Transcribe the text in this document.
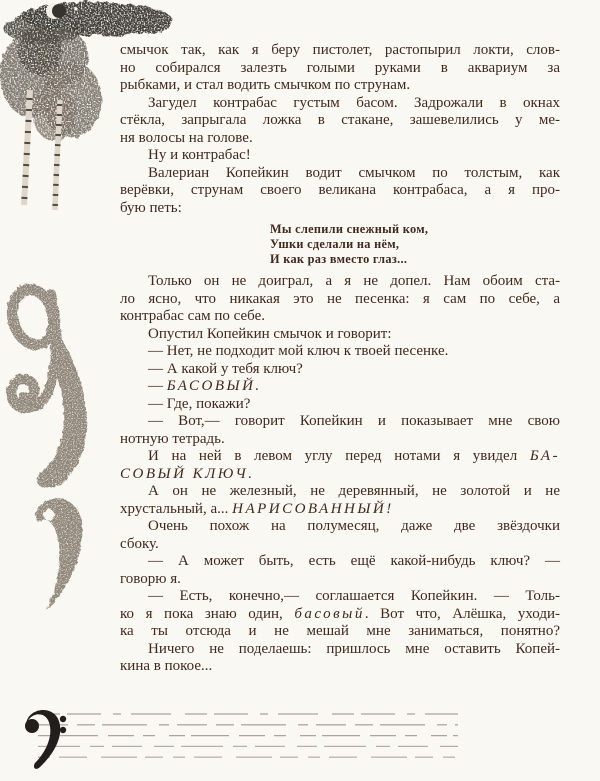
смычок так, как я беру пистолет, растопырил локти, слов-
но собирался залезть голыми руками в аквариум за
рыбками, и стал водить смычком по струнам.
Загудел контрабас густым басом. Задрожали в окнах
стёкла, запрыгала ложка в стакане, зашевелились у ме-
ня волосы на голове.
Ну и контрабас!
Валериан Копейкин водит смычком по толстым, как
верёвки, струнам своего великана контрабаса, а я про-
бую петь:
Мы слепили снежный ком,
Ушки сделали на нём,
И как раз вместо глаз...
Только он не доиграл, а я не допел. Нам обоим ста-
ло ясно, что никакая это не песенка: я сам по себе, а
контрабас сам по себе.
Опустил Копейкин смычок и говорит:
— Нет, не подходит мой ключ к твоей песенке.
— А какой у тебя ключ?
— БАСОВЫЙ.
— Где, покажи?
— Вот,— говорит Копейкин и показывает мне свою
нотную тетрадь.
И на ней в левом углу перед нотами я увидел БА-
СОВЫЙ КЛЮЧ.
А он не железный, не деревянный, не золотой и не
хрустальный, а... НАРИСОВАННЫЙ!
Очень похож на полумесяц, даже две звёздочки
сбоку.
— А может быть, есть ещё какой-нибудь ключ? —
говорю я.
— Есть, конечно,— соглашается Копейкин. — Толь-
ко я пока знаю один, басовый. Вот что, Алёшка, уходи-
ка ты отсюда и не мешай мне заниматься, понятно?
Ничего не поделаешь: пришлось мне оставить Копей-
кина в покое...
